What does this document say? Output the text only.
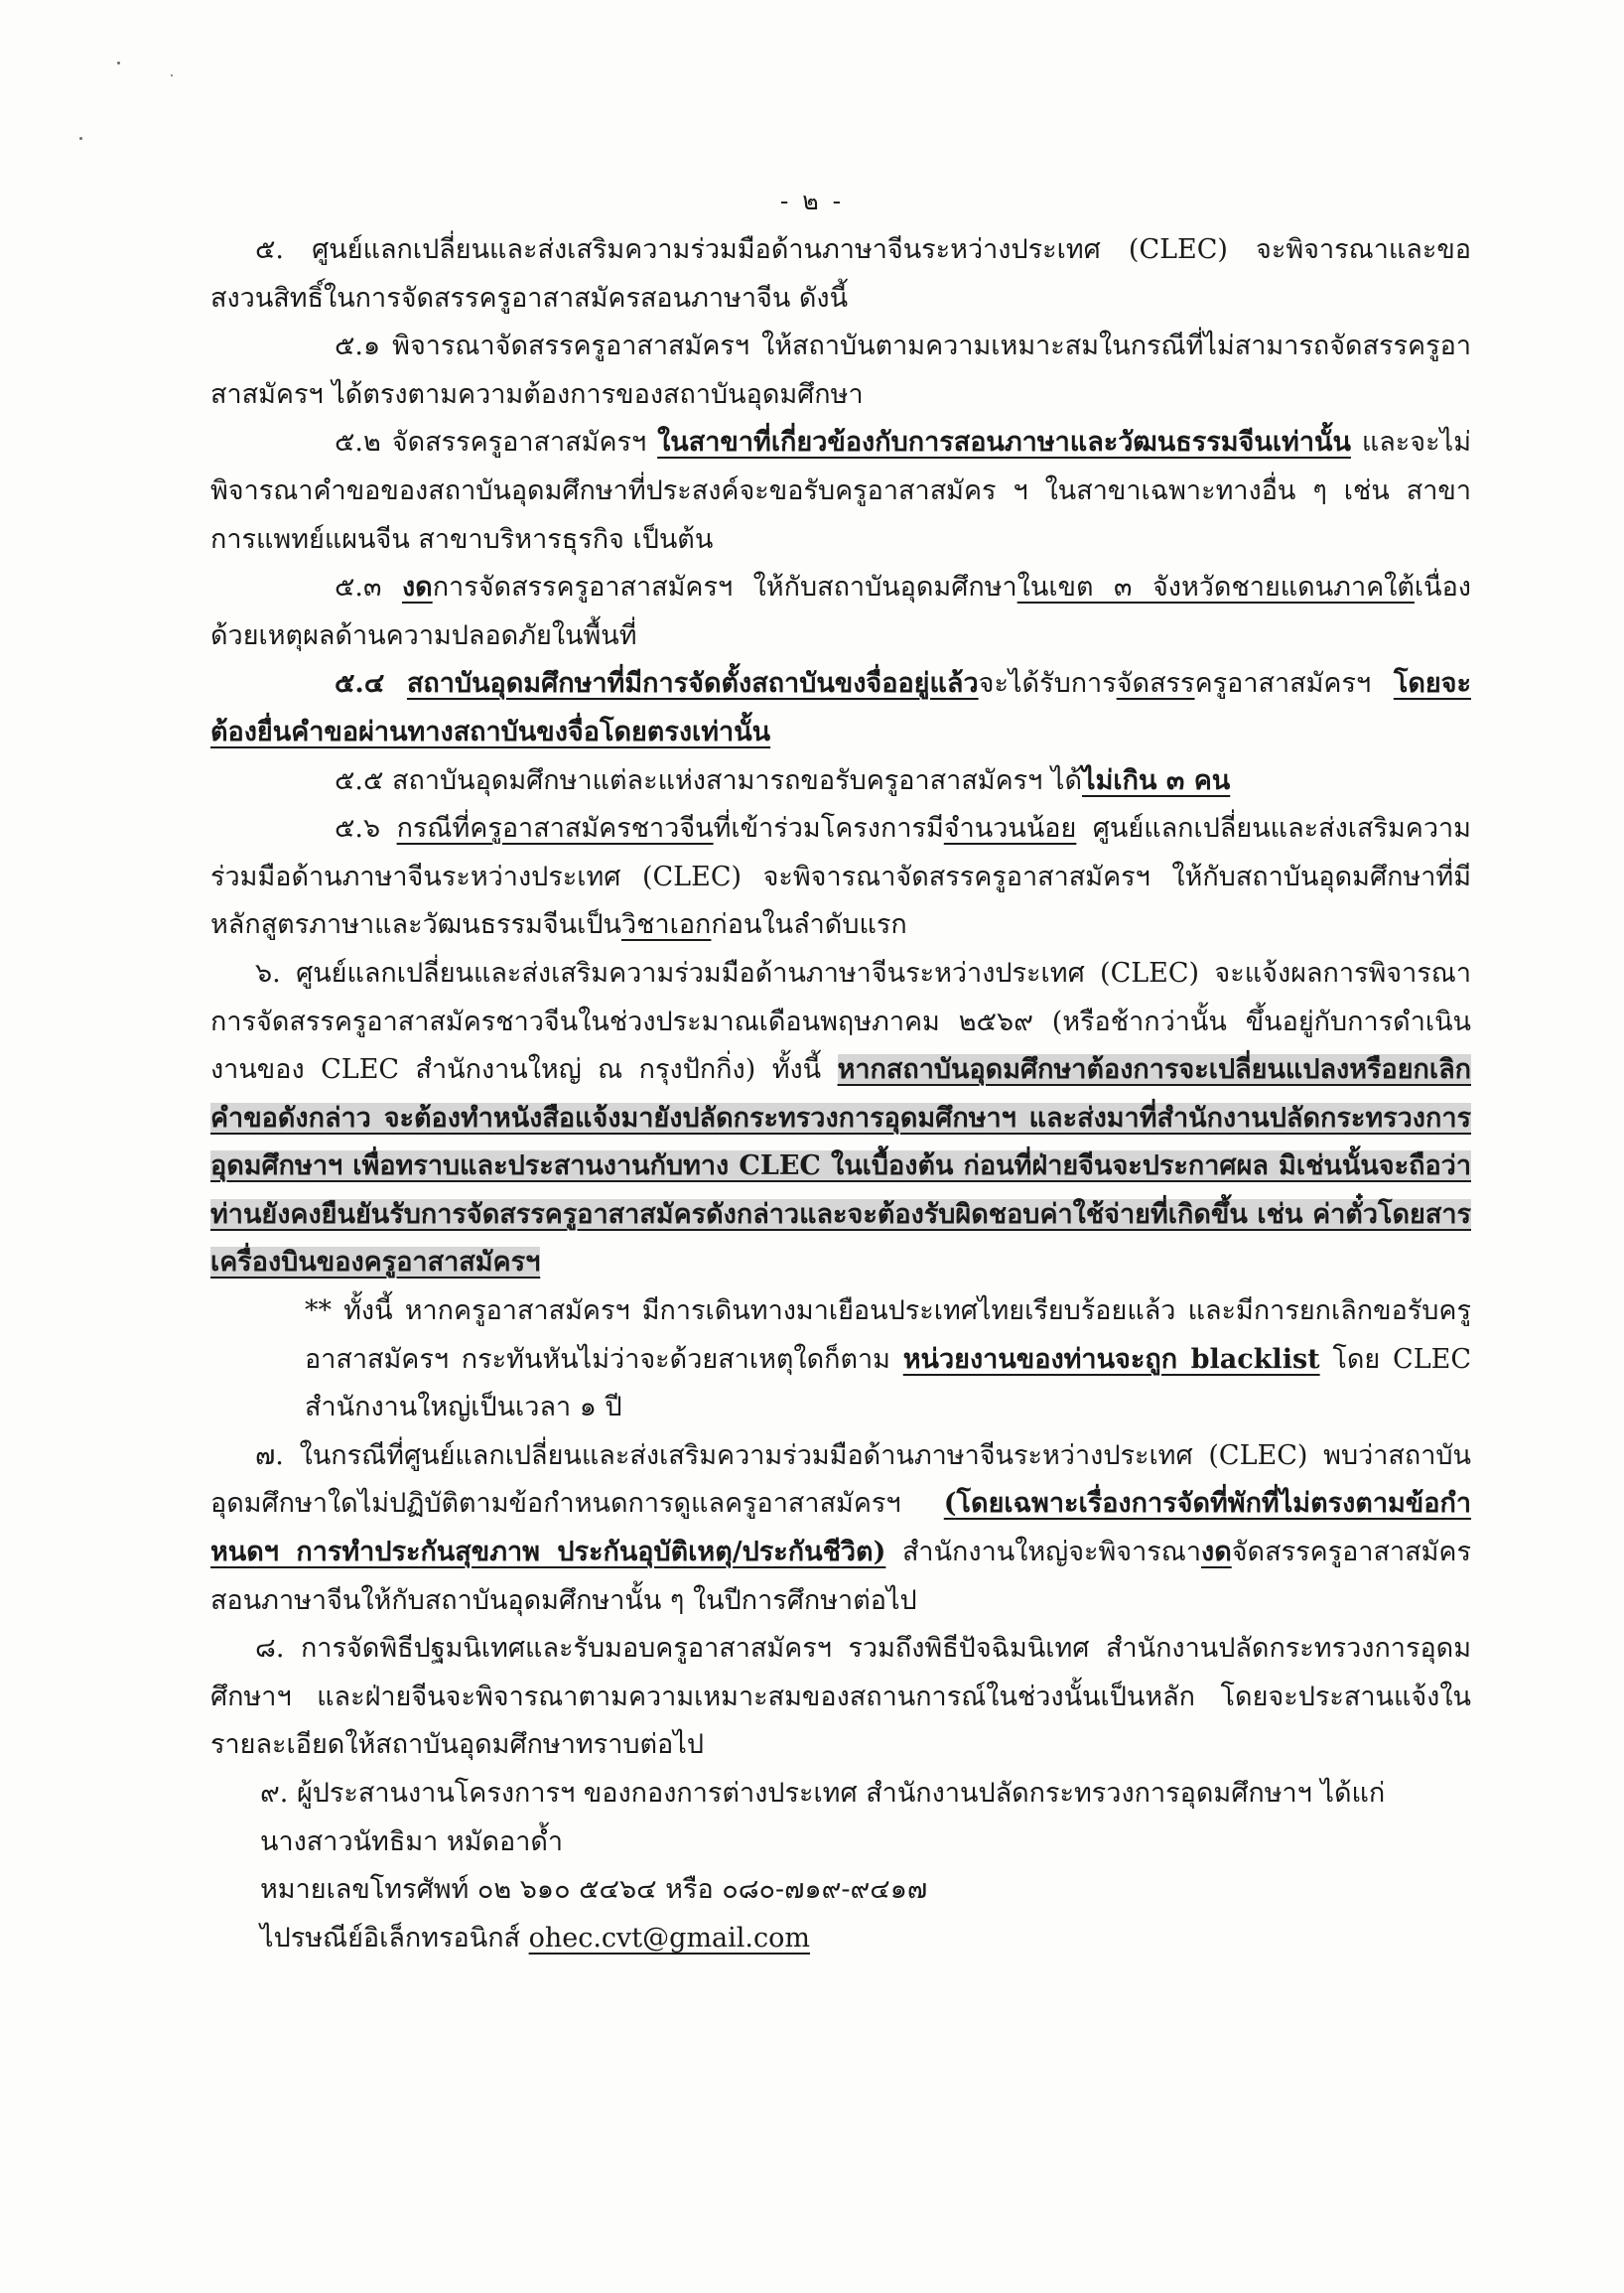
- ๒ -

๕. ศูนย์แลกเปลี่ยนและส่งเสริมความร่วมมือด้านภาษาจีนระหว่างประเทศ (CLEC) จะพิจารณาและขอสงวนสิทธิ์ในการจัดสรรครูอาสาสมัครสอนภาษาจีน ดังนี้

๕.๑ พิจารณาจัดสรรครูอาสาสมัครฯ ให้สถาบันตามความเหมาะสมในกรณีที่ไม่สามารถจัดสรรครูอาสาสมัครฯ ได้ตรงตามความต้องการของสถาบันอุดมศึกษา

๕.๒ จัดสรรครูอาสาสมัครฯ ในสาขาที่เกี่ยวข้องกับการสอนภาษาและวัฒนธรรมจีนเท่านั้น และจะไม่พิจารณาคำขอของสถาบันอุดมศึกษาที่ประสงค์จะขอรับครูอาสาสมัคร ฯ ในสาขาเฉพาะทางอื่น ๆ เช่น สาขาการแพทย์แผนจีน สาขาบริหารธุรกิจ เป็นต้น

๕.๓ งดการจัดสรรครูอาสาสมัครฯ ให้กับสถาบันอุดมศึกษาในเขต ๓ จังหวัดชายแดนภาคใต้เนื่องด้วยเหตุผลด้านความปลอดภัยในพื้นที่

๕.๔ สถาบันอุดมศึกษาที่มีการจัดตั้งสถาบันขงจื่ออยู่แล้วจะได้รับการจัดสรรครูอาสาสมัครฯ โดยจะต้องยื่นคำขอผ่านทางสถาบันขงจื่อโดยตรงเท่านั้น

๕.๕ สถาบันอุดมศึกษาแต่ละแห่งสามารถขอรับครูอาสาสมัครฯ ได้ไม่เกิน ๓ คน

๕.๖ กรณีที่ครูอาสาสมัครชาวจีนที่เข้าร่วมโครงการมีจำนวนน้อย ศูนย์แลกเปลี่ยนและส่งเสริมความร่วมมือด้านภาษาจีนระหว่างประเทศ (CLEC) จะพิจารณาจัดสรรครูอาสาสมัครฯ ให้กับสถาบันอุดมศึกษาที่มีหลักสูตรภาษาและวัฒนธรรมจีนเป็นวิชาเอกก่อนในลำดับแรก

๖. ศูนย์แลกเปลี่ยนและส่งเสริมความร่วมมือด้านภาษาจีนระหว่างประเทศ (CLEC) จะแจ้งผลการพิจารณาการจัดสรรครูอาสาสมัครชาวจีนในช่วงประมาณเดือนพฤษภาคม ๒๕๖๙ (หรือช้ากว่านั้น ขึ้นอยู่กับการดำเนินงานของ CLEC สำนักงานใหญ่ ณ กรุงปักกิ่ง) ทั้งนี้ หากสถาบันอุดมศึกษาต้องการจะเปลี่ยนแปลงหรือยกเลิกคำขอดังกล่าว จะต้องทำหนังสือแจ้งมายังปลัดกระทรวงการอุดมศึกษาฯ และส่งมาที่สำนักงานปลัดกระทรวงการอุดมศึกษาฯ เพื่อทราบและประสานงานกับทาง CLEC ในเบื้องต้น ก่อนที่ฝ่ายจีนจะประกาศผล มิเช่นนั้นจะถือว่าท่านยังคงยืนยันรับการจัดสรรครูอาสาสมัครดังกล่าวและจะต้องรับผิดชอบค่าใช้จ่ายที่เกิดขึ้น เช่น ค่าตั๋วโดยสารเครื่องบินของครูอาสาสมัครฯ

** ทั้งนี้ หากครูอาสาสมัครฯ มีการเดินทางมาเยือนประเทศไทยเรียบร้อยแล้ว และมีการยกเลิกขอรับครูอาสาสมัครฯ กระทันหันไม่ว่าจะด้วยสาเหตุใดก็ตาม หน่วยงานของท่านจะถูก blacklist โดย CLEC สำนักงานใหญ่เป็นเวลา ๑ ปี

๗. ในกรณีที่ศูนย์แลกเปลี่ยนและส่งเสริมความร่วมมือด้านภาษาจีนระหว่างประเทศ (CLEC) พบว่าสถาบันอุดมศึกษาใดไม่ปฏิบัติตามข้อกำหนดการดูแลครูอาสาสมัครฯ (โดยเฉพาะเรื่องการจัดที่พักที่ไม่ตรงตามข้อกำหนดฯ การทำประกันสุขภาพ ประกันอุบัติเหตุ/ประกันชีวิต) สำนักงานใหญ่จะพิจารณางดจัดสรรครูอาสาสมัครสอนภาษาจีนให้กับสถาบันอุดมศึกษานั้น ๆ ในปีการศึกษาต่อไป

๘. การจัดพิธีปฐมนิเทศและรับมอบครูอาสาสมัครฯ รวมถึงพิธีปัจฉิมนิเทศ สำนักงานปลัดกระทรวงการอุดมศึกษาฯ และฝ่ายจีนจะพิจารณาตามความเหมาะสมของสถานการณ์ในช่วงนั้นเป็นหลัก โดยจะประสานแจ้งในรายละเอียดให้สถาบันอุดมศึกษาทราบต่อไป

๙. ผู้ประสานงานโครงการฯ ของกองการต่างประเทศ สำนักงานปลัดกระทรวงการอุดมศึกษาฯ ได้แก่
นางสาวนัทธิมา หมัดอาด้ำ
หมายเลขโทรศัพท์ ๐๒ ๖๑๐ ๕๔๖๔ หรือ ๐๘๐-๗๑๙-๙๔๑๗
ไปรษณีย์อิเล็กทรอนิกส์ ohec.cvt@gmail.com
